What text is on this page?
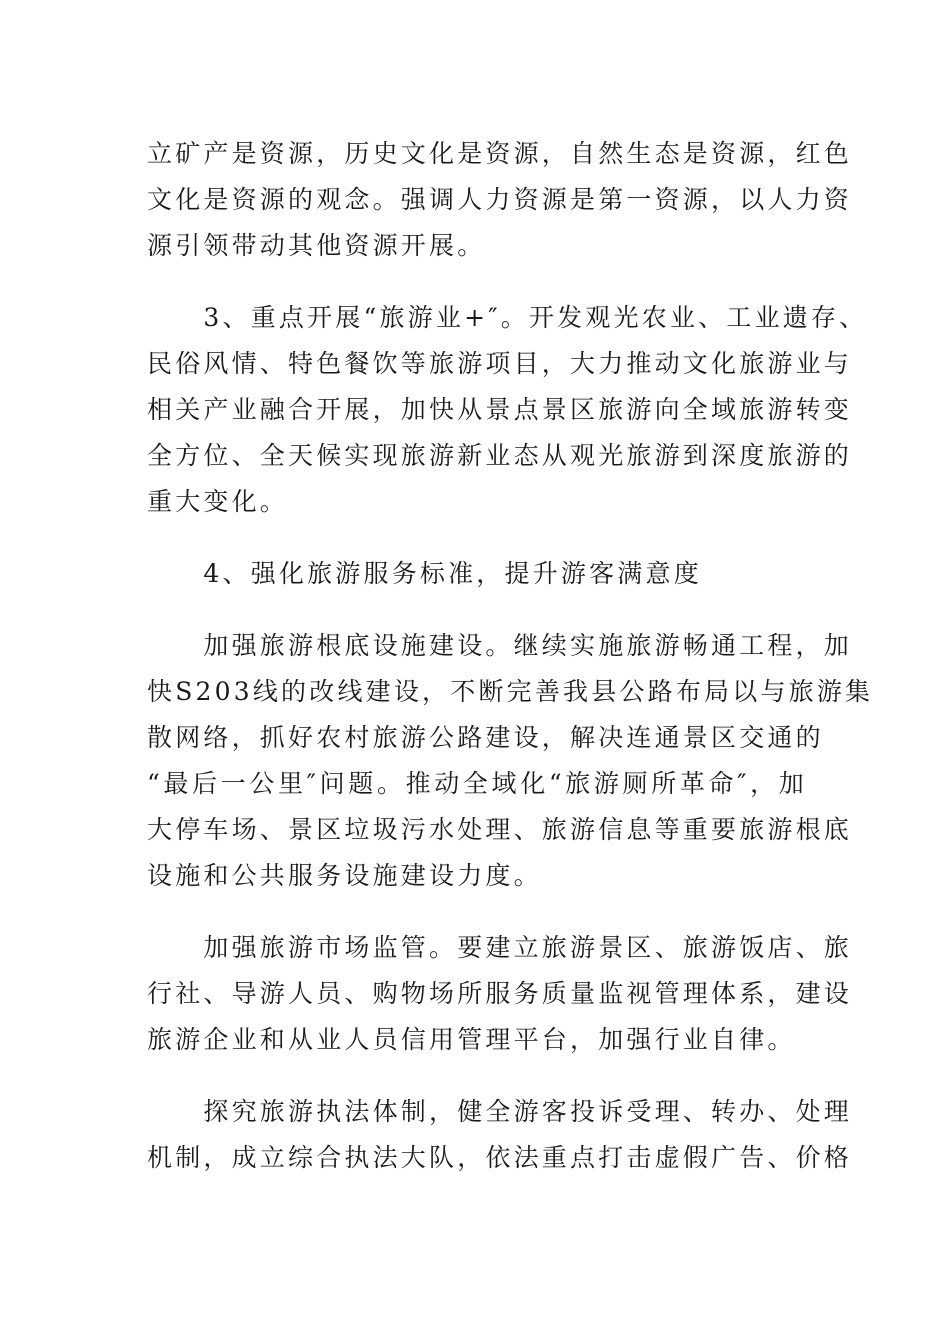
立矿产是资源，历史文化是资源，自然生态是资源，红色
文化是资源的观念。强调人力资源是第一资源，以人力资
源引领带动其他资源开展。
　　3、重点开展“旅游业+″。开发观光农业、工业遗存、
民俗风情、特色餐饮等旅游项目，大力推动文化旅游业与
相关产业融合开展，加快从景点景区旅游向全域旅游转变
全方位、全天候实现旅游新业态从观光旅游到深度旅游的
重大变化。
　　4、强化旅游服务标准，提升游客满意度
　　加强旅游根底设施建设。继续实施旅游畅通工程，加
快S203线的改线建设，不断完善我县公路布局以与旅游集
散网络，抓好农村旅游公路建设，解决连通景区交通的
“最后一公里″问题。推动全域化“旅游厕所革命″，加
大停车场、景区垃圾污水处理、旅游信息等重要旅游根底
设施和公共服务设施建设力度。
　　加强旅游市场监管。要建立旅游景区、旅游饭店、旅
行社、导游人员、购物场所服务质量监视管理体系，建设
旅游企业和从业人员信用管理平台，加强行业自律。
　　探究旅游执法体制，健全游客投诉受理、转办、处理
机制，成立综合执法大队，依法重点打击虚假广告、价格
